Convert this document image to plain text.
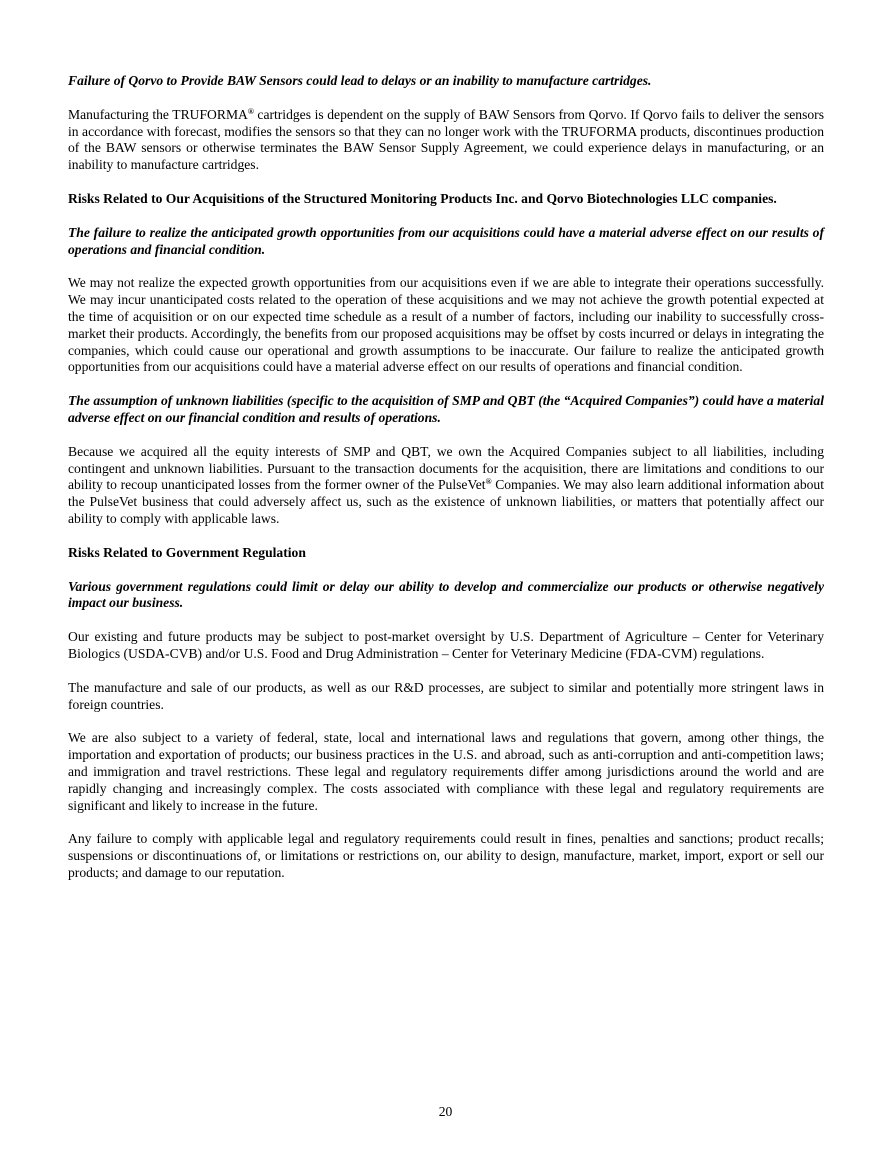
Failure of Qorvo to Provide BAW Sensors could lead to delays or an inability to manufacture cartridges.

Manufacturing the TRUFORMA® cartridges is dependent on the supply of BAW Sensors from Qorvo. If Qorvo fails to deliver the sensors in accordance with forecast, modifies the sensors so that they can no longer work with the TRUFORMA products, discontinues production of the BAW sensors or otherwise terminates the BAW Sensor Supply Agreement, we could experience delays in manufacturing, or an inability to manufacture cartridges.

Risks Related to Our Acquisitions of the Structured Monitoring Products Inc. and Qorvo Biotechnologies LLC companies.

The failure to realize the anticipated growth opportunities from our acquisitions could have a material adverse effect on our results of operations and financial condition.

We may not realize the expected growth opportunities from our acquisitions even if we are able to integrate their operations successfully. We may incur unanticipated costs related to the operation of these acquisitions and we may not achieve the growth potential expected at the time of acquisition or on our expected time schedule as a result of a number of factors, including our inability to successfully cross-market their products. Accordingly, the benefits from our proposed acquisitions may be offset by costs incurred or delays in integrating the companies, which could cause our operational and growth assumptions to be inaccurate. Our failure to realize the anticipated growth opportunities from our acquisitions could have a material adverse effect on our results of operations and financial condition.

The assumption of unknown liabilities (specific to the acquisition of SMP and QBT (the “Acquired Companies”) could have a material adverse effect on our financial condition and results of operations.

Because we acquired all the equity interests of SMP and QBT, we own the Acquired Companies subject to all liabilities, including contingent and unknown liabilities. Pursuant to the transaction documents for the acquisition, there are limitations and conditions to our ability to recoup unanticipated losses from the former owner of the PulseVet® Companies. We may also learn additional information about the PulseVet business that could adversely affect us, such as the existence of unknown liabilities, or matters that potentially affect our ability to comply with applicable laws.

Risks Related to Government Regulation

Various government regulations could limit or delay our ability to develop and commercialize our products or otherwise negatively impact our business.

Our existing and future products may be subject to post-market oversight by U.S. Department of Agriculture – Center for Veterinary Biologics (USDA-CVB) and/or U.S. Food and Drug Administration – Center for Veterinary Medicine (FDA-CVM) regulations.

The manufacture and sale of our products, as well as our R&D processes, are subject to similar and potentially more stringent laws in foreign countries.

We are also subject to a variety of federal, state, local and international laws and regulations that govern, among other things, the importation and exportation of products; our business practices in the U.S. and abroad, such as anti-corruption and anti-competition laws; and immigration and travel restrictions. These legal and regulatory requirements differ among jurisdictions around the world and are rapidly changing and increasingly complex. The costs associated with compliance with these legal and regulatory requirements are significant and likely to increase in the future.

Any failure to comply with applicable legal and regulatory requirements could result in fines, penalties and sanctions; product recalls; suspensions or discontinuations of, or limitations or restrictions on, our ability to design, manufacture, market, import, export or sell our products; and damage to our reputation.

20
